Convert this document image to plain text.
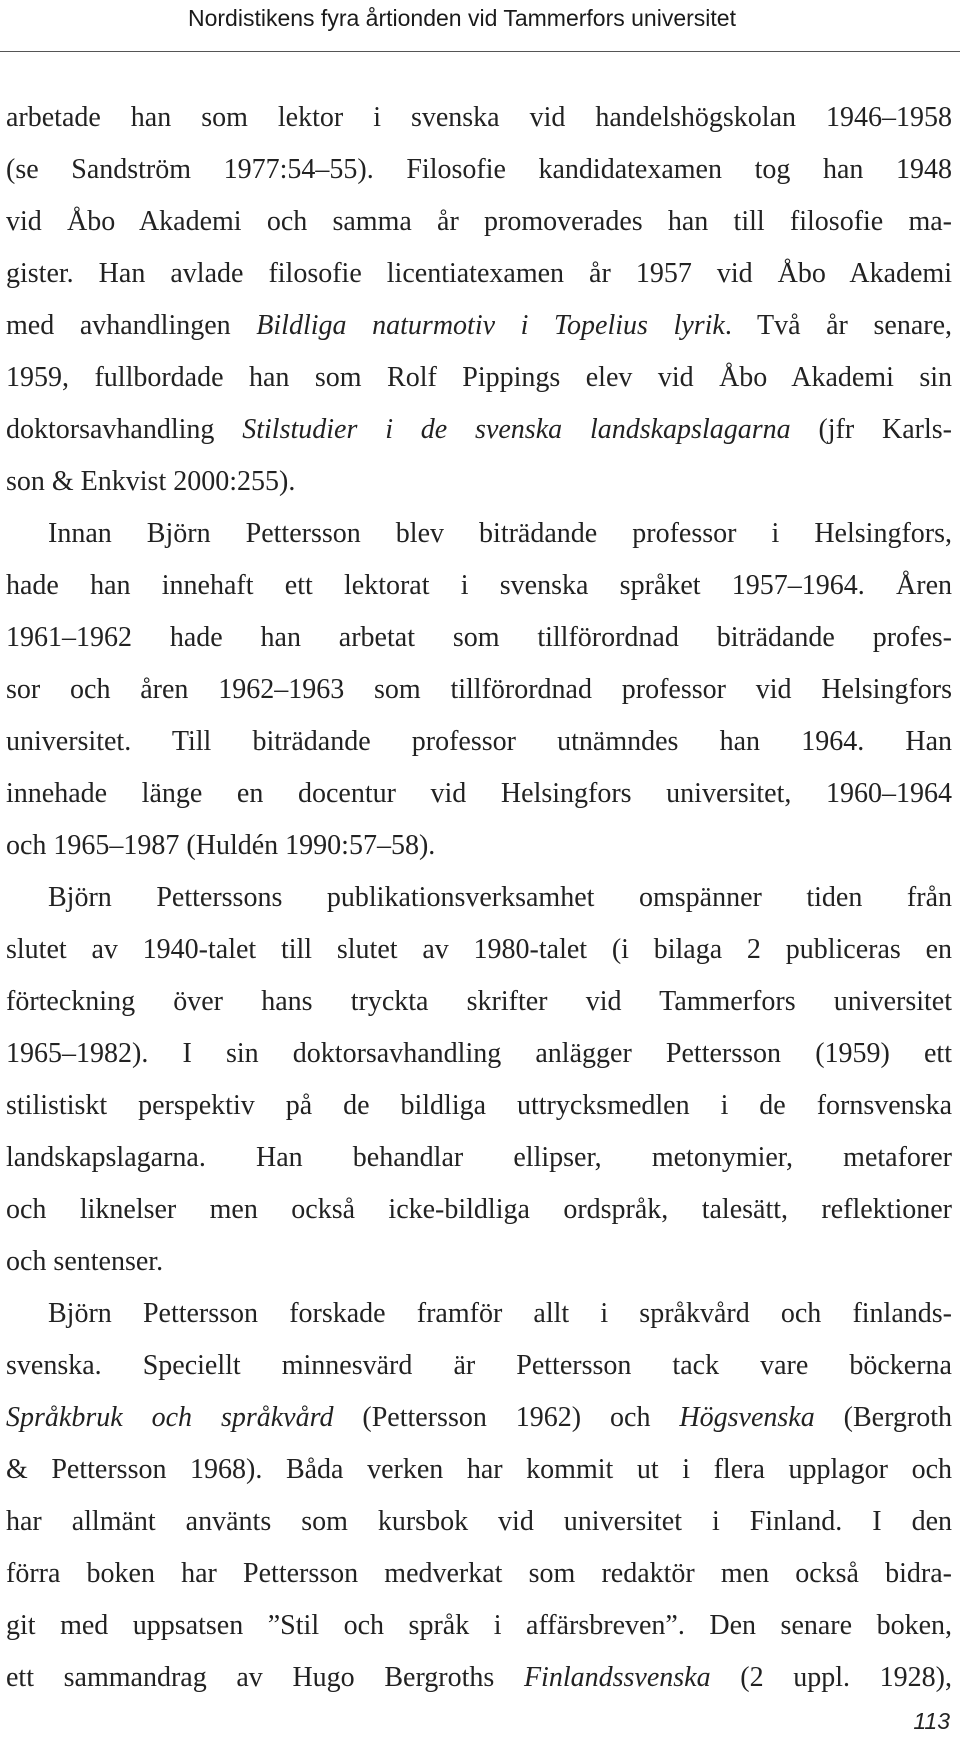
Nordistikens fyra årtionden vid Tammerfors universitet
arbetade han som lektor i svenska vid handelshögskolan 1946–1958
(se Sandström 1977:54–55). Filosofie kandidatexamen tog han 1948
vid Åbo Akademi och samma år promoverades han till filosofie ma-
gister. Han avlade filosofie licentiatexamen år 1957 vid Åbo Akademi
med avhandlingen Bildliga naturmotiv i Topelius lyrik. Två år senare,
1959, fullbordade han som Rolf Pippings elev vid Åbo Akademi sin
doktorsavhandling Stilstudier i de svenska landskapslagarna (jfr Karls-
son & Enkvist 2000:255).
Innan Björn Pettersson blev biträdande professor i Helsingfors,
hade han innehaft ett lektorat i svenska språket 1957–1964. Åren
1961–1962 hade han arbetat som tillförordnad biträdande profes-
sor och åren 1962–1963 som tillförordnad professor vid Helsingfors
universitet. Till biträdande professor utnämndes han 1964. Han
innehade länge en docentur vid Helsingfors universitet, 1960–1964
och 1965–1987 (Huldén 1990:57–58).
Björn Petterssons publikationsverksamhet omspänner tiden från
slutet av 1940-talet till slutet av 1980-talet (i bilaga 2 publiceras en
förteckning över hans tryckta skrifter vid Tammerfors universitet
1965–1982). I sin doktorsavhandling anlägger Pettersson (1959) ett
stilistiskt perspektiv på de bildliga uttrycksmedlen i de fornsvenska
landskapslagarna. Han behandlar ellipser, metonymier, metaforer
och liknelser men också icke-bildliga ordspråk, talesätt, reflektioner
och sentenser.
Björn Pettersson forskade framför allt i språkvård och finlands-
svenska. Speciellt minnesvärd är Pettersson tack vare böckerna
Språkbruk och språkvård (Pettersson 1962) och Högsvenska (Bergroth
& Pettersson 1968). Båda verken har kommit ut i flera upplagor och
har allmänt använts som kursbok vid universitet i Finland. I den
förra boken har Pettersson medverkat som redaktör men också bidra-
git med uppsatsen ”Stil och språk i affärsbreven”. Den senare boken,
ett sammandrag av Hugo Bergroths Finlandssvenska (2 uppl. 1928),
113
